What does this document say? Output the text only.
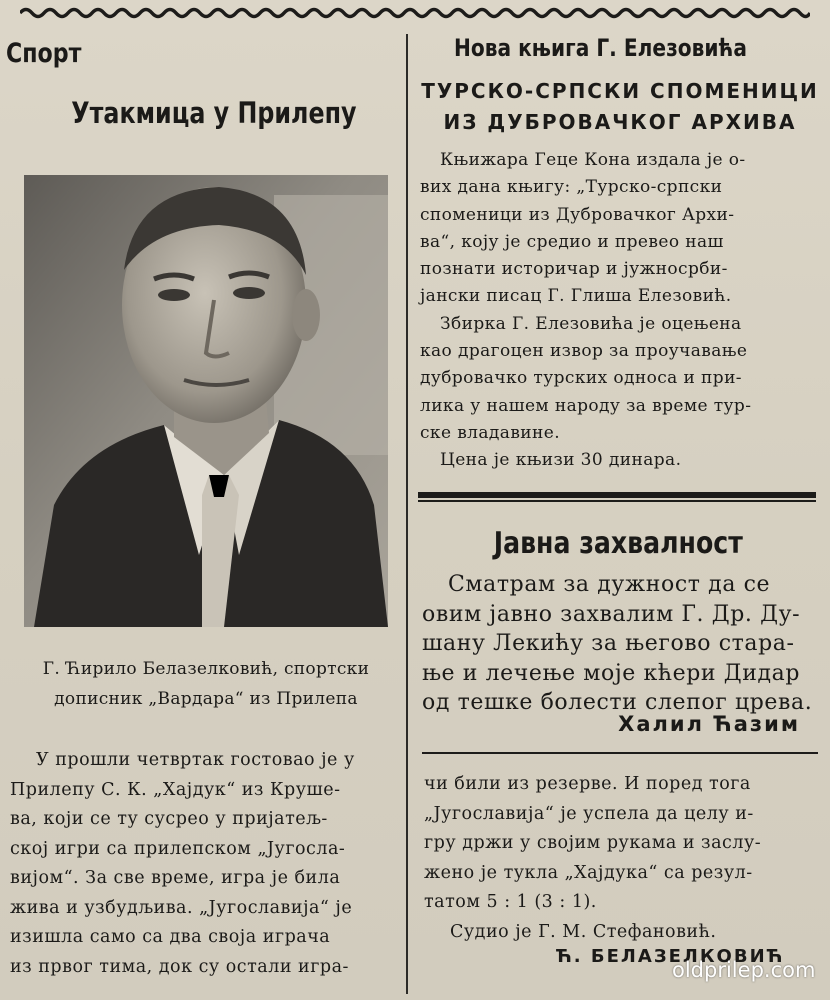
Спорт
Утакмица у Прилепу
Г. Ћирило Белазелковић, спортски
дописник „Вардара“ из Прилепа
У прошли четвртак гостовао је у
Прилепу С. К. „Хајдук“ из Круше-
ва, који се ту сусрео у пријатељ-
ској игри са прилепском „Југосла-
вијом“. За све време, игра је била
жива и узбудљива. „Југославија“ је
изишла само са два своја играча
из првог тима, док су остали игра-
Нова књига Г. Елезовића
ТУРСКО-СРПСКИ СПОМЕНИЦИ
ИЗ ДУБРОВАЧКОГ АРХИВА
Књижара Геце Кона издала је о-
вих дана књигу: „Турско-српски
споменици из Дубровачког Архи-
ва“, коју је средио и превео наш
познати историчар и јужносрби-
јански писац Г. Глиша Елезовић.
Збирка Г. Елезовића је оцењена
као драгоцен извор за проучавање
дубровачко турских односа и при-
лика у нашем народу за време тур-
ске владавине.
Цена је књизи 30 динара.
Јавна захвалност
Сматрам за дужност да се
овим јавно захвалим Г. Др. Ду-
шану Лекићу за његово стара-
ње и лечење моје кћери Дидар
од тешке болести слепог црева.
Халил Ћазим
чи били из резерве. И поред тога
„Југославија“ је успела да целу и-
гру држи у својим рукама и заслу-
жено је тукла „Хајдука“ са резул-
татом 5 : 1 (3 : 1).
Судио је Г. М. Стефановић.
Ћ. БЕЛАЗЕЛКОВИЋ
oldprilep.com
